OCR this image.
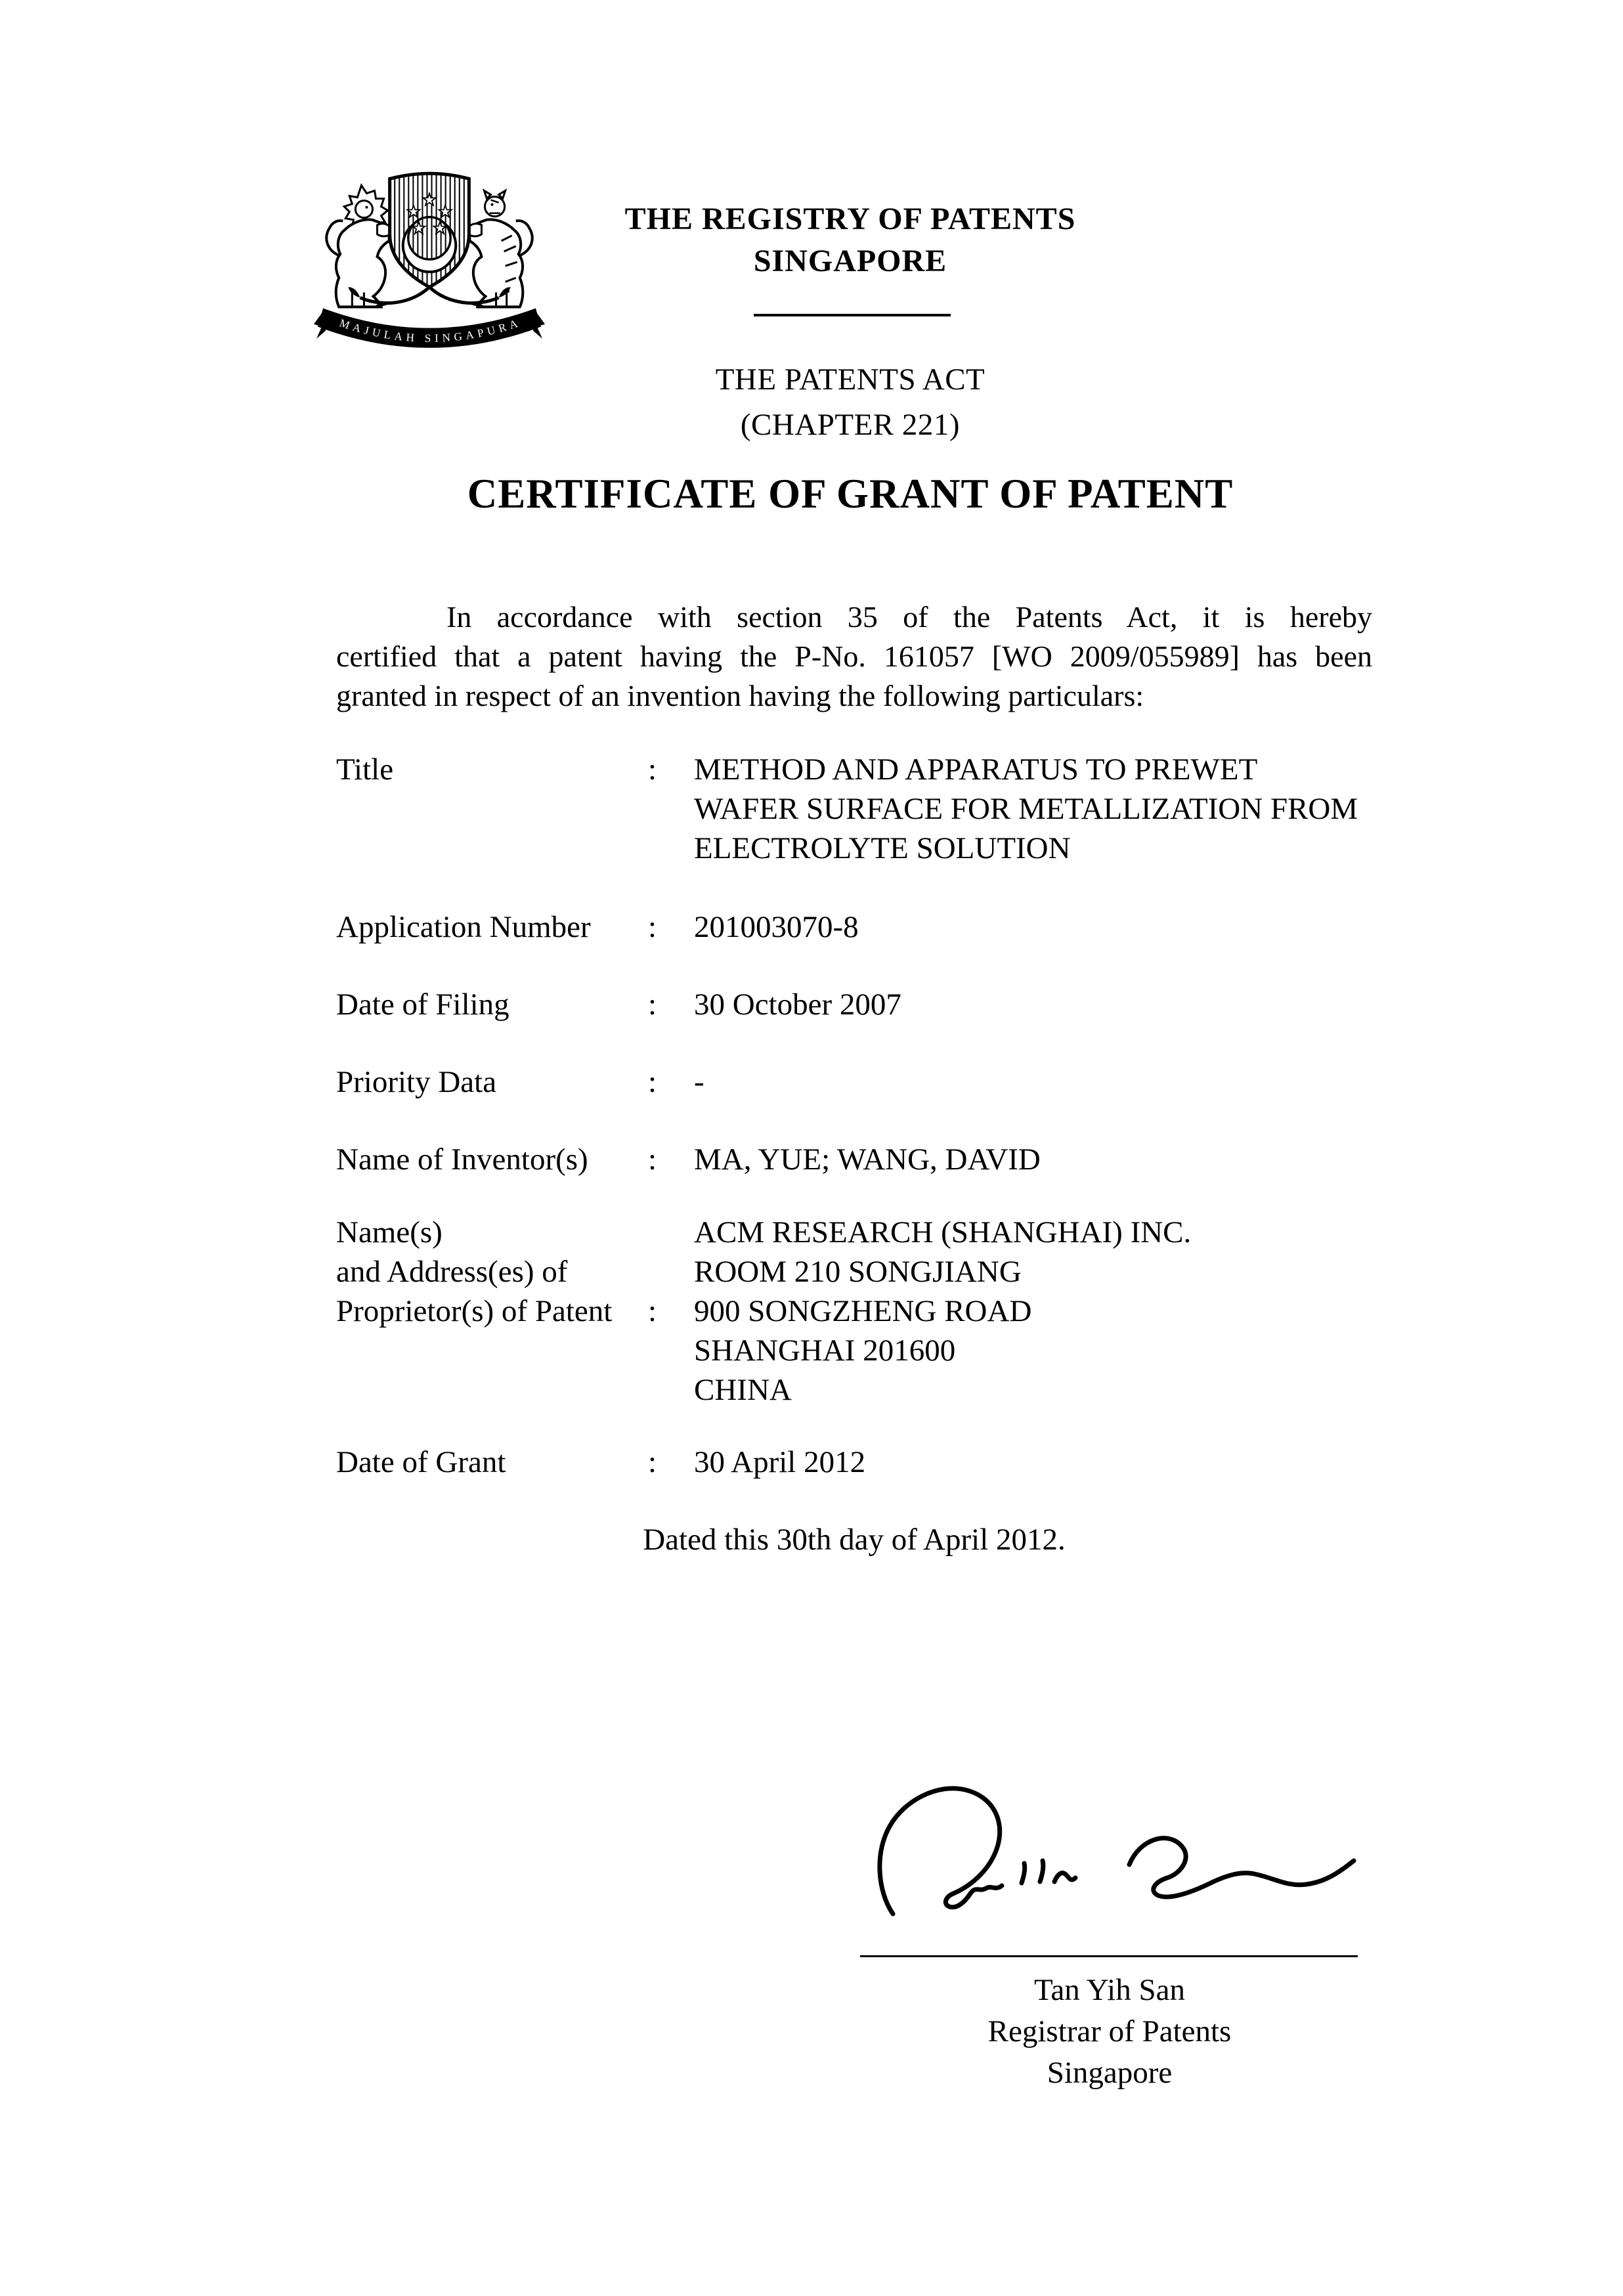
MAJULAH SINGAPURA
THE REGISTRY OF PATENTS
SINGAPORE
THE PATENTS ACT
(CHAPTER 221)
CERTIFICATE OF GRANT OF PATENT
In accordance with section 35 of the Patents Act, it is hereby
certified that a patent having the P-No. 161057 [WO 2009/055989] has been
granted in respect of an invention having the following particulars:
Title	:	METHOD AND APPARATUS TO PREWET
WAFER SURFACE FOR METALLIZATION FROM
ELECTROLYTE SOLUTION
Application Number	:	201003070-8
Date of Filing	:	30 October 2007
Priority Data	:	-
Name of Inventor(s)	:	MA, YUE; WANG, DAVID
Name(s)
and Address(es) of
Proprietor(s) of Patent	:
ACM RESEARCH (SHANGHAI) INC.
ROOM 210 SONGJIANG
900 SONGZHENG ROAD
SHANGHAI 201600
CHINA
Date of Grant	:	30 April 2012
Dated this 30th day of April 2012.
Tan Yih San
Registrar of Patents
Singapore
